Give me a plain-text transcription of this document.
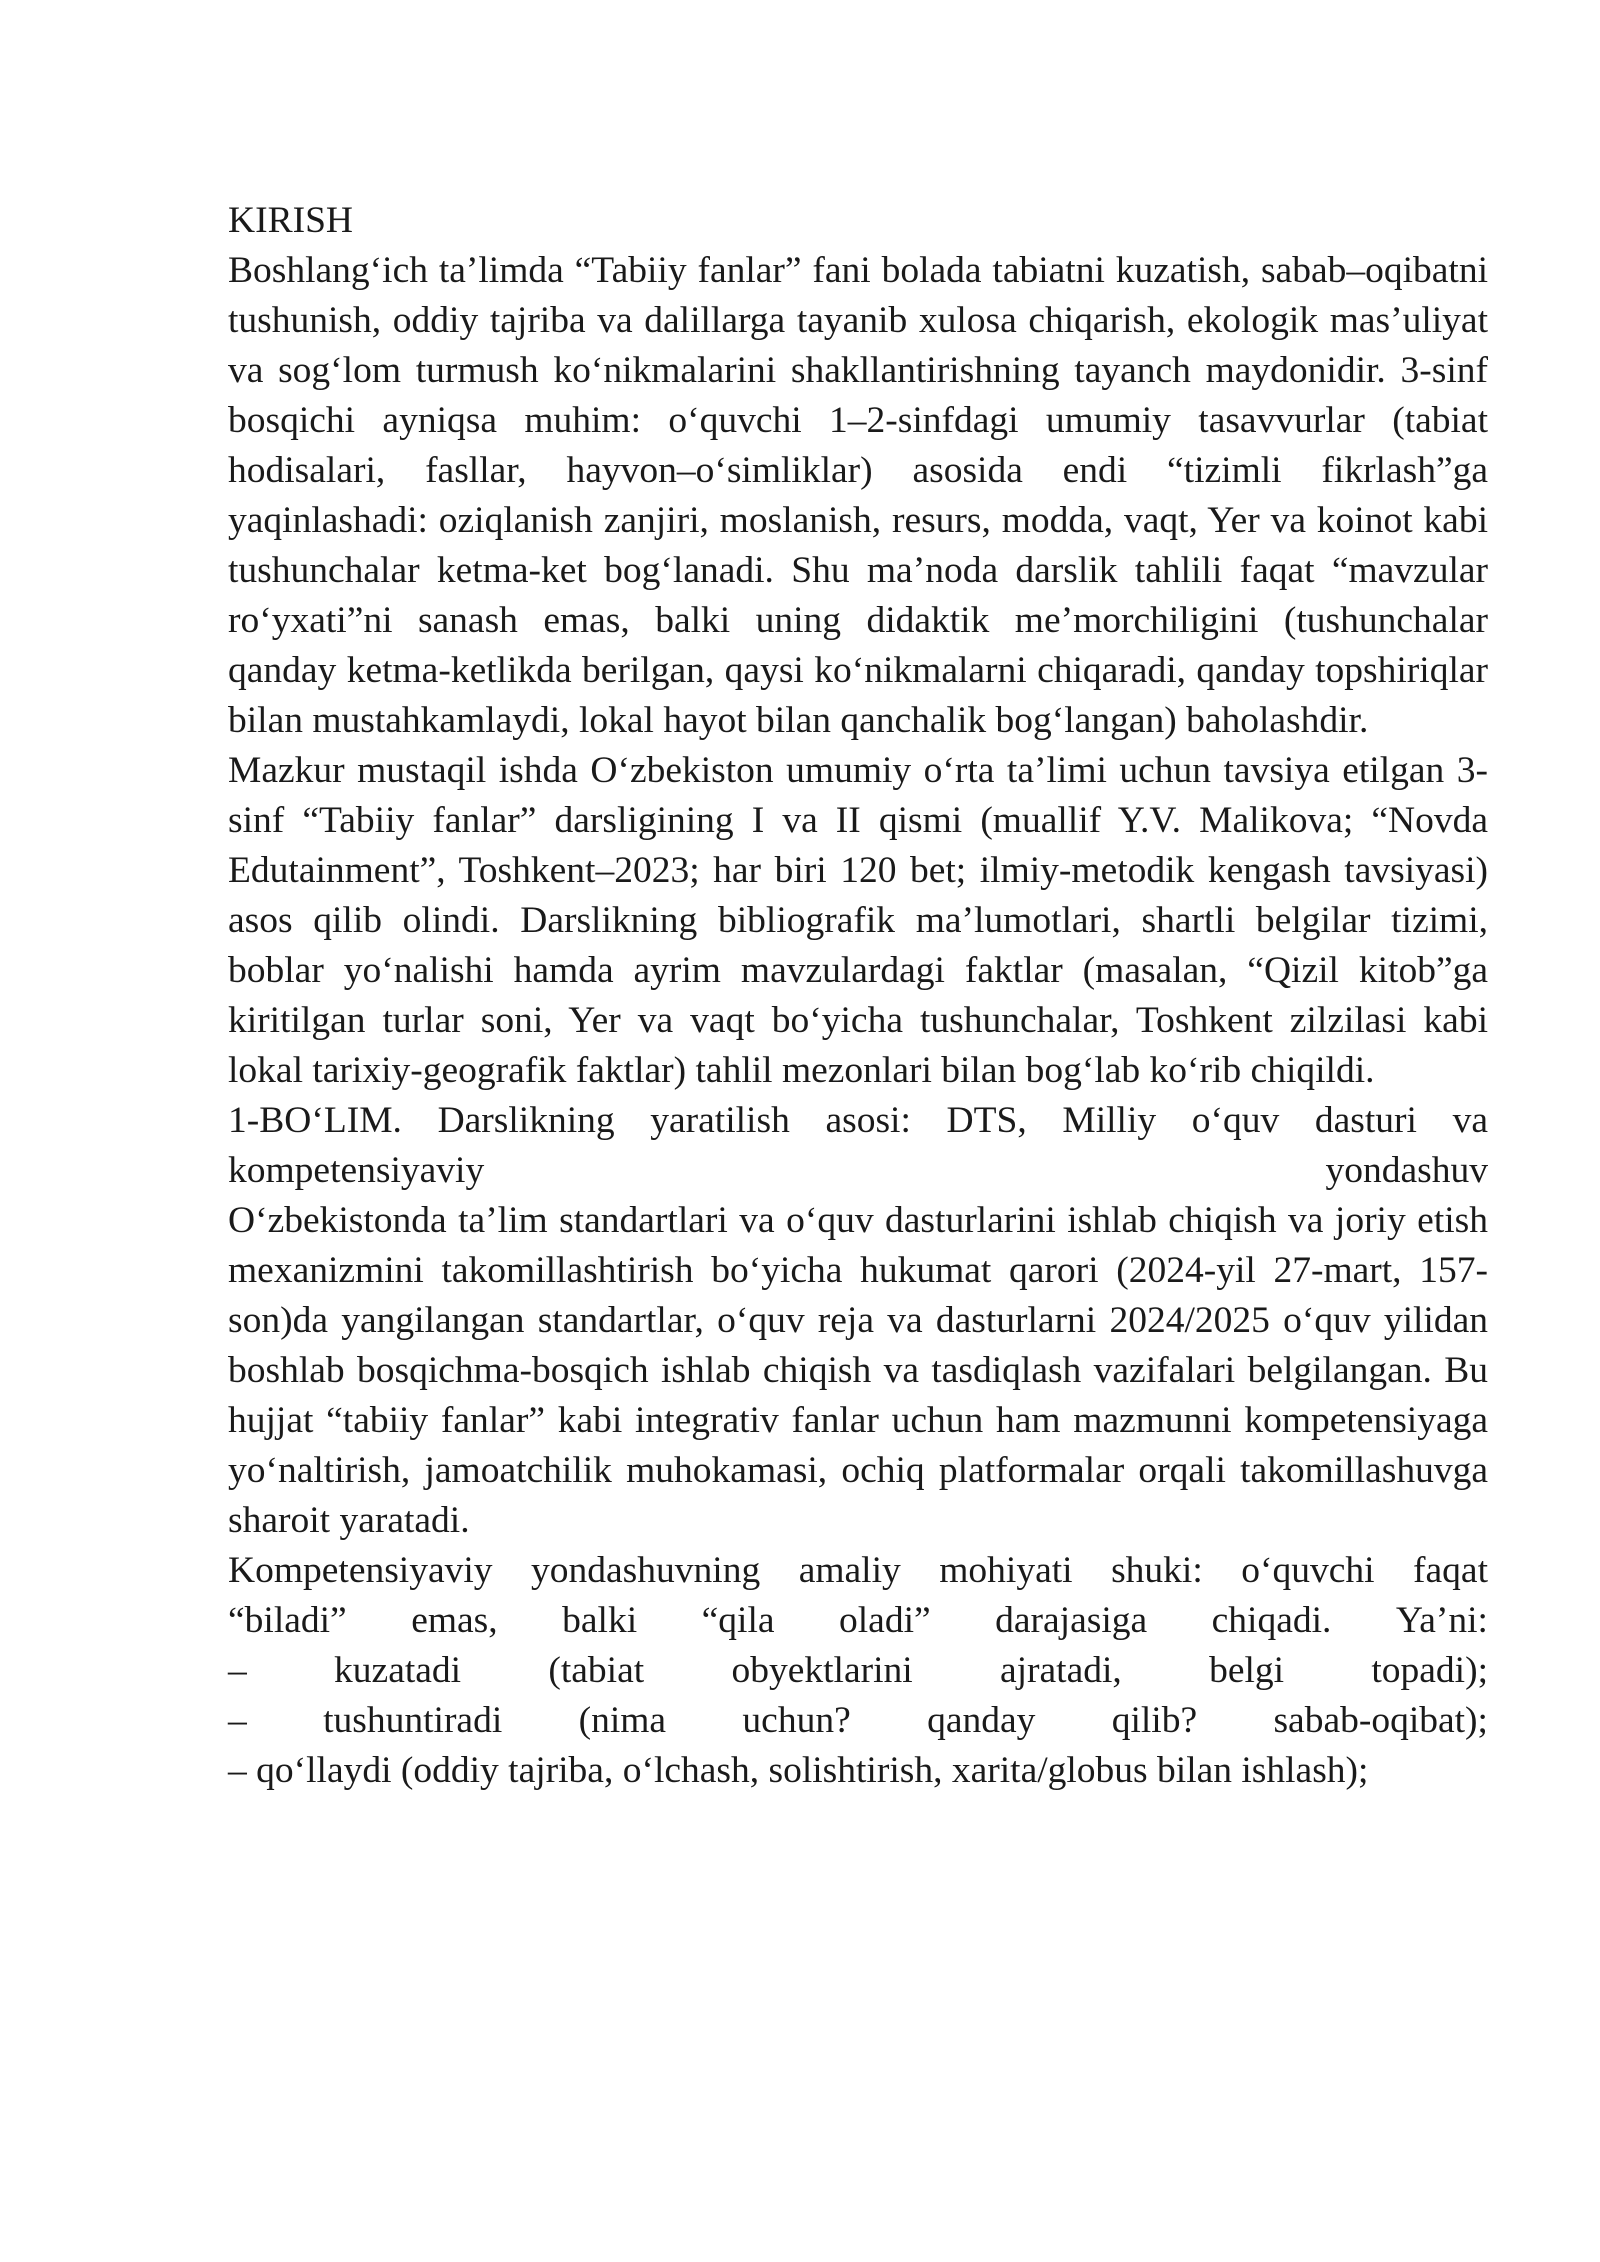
KIRISH

Boshlang‘ich ta’limda “Tabiiy fanlar” fani bolada tabiatni kuzatish, sabab–oqibatni tushunish, oddiy tajriba va dalillarga tayanib xulosa chiqarish, ekologik mas’uliyat va sog‘lom turmush ko‘nikmalarini shakllantirishning tayanch maydonidir. 3-sinf bosqichi ayniqsa muhim: o‘quvchi 1–2-sinfdagi umumiy tasavvurlar (tabiat hodisalari, fasllar, hayvon–o‘simliklar) asosida endi “tizimli fikrlash”ga yaqinlashadi: oziqlanish zanjiri, moslanish, resurs, modda, vaqt, Yer va koinot kabi tushunchalar ketma-ket bog‘lanadi. Shu ma’noda darslik tahlili faqat “mavzular ro‘yxati”ni sanash emas, balki uning didaktik me’morchiligini (tushunchalar qanday ketma-ketlikda berilgan, qaysi ko‘nikmalarni chiqaradi, qanday topshiriqlar bilan mustahkamlaydi, lokal hayot bilan qanchalik bog‘langan) baholashdir.

Mazkur mustaqil ishda O‘zbekiston umumiy o‘rta ta’limi uchun tavsiya etilgan 3-sinf “Tabiiy fanlar” darsligining I va II qismi (muallif Y.V. Malikova; “Novda Edutainment”, Toshkent–2023; har biri 120 bet; ilmiy-metodik kengash tavsiyasi) asos qilib olindi. Darslikning bibliografik ma’lumotlari, shartli belgilar tizimi, boblar yo‘nalishi hamda ayrim mavzulardagi faktlar (masalan, “Qizil kitob”ga kiritilgan turlar soni, Yer va vaqt bo‘yicha tushunchalar, Toshkent zilzilasi kabi lokal tarixiy-geografik faktlar) tahlil mezonlari bilan bog‘lab ko‘rib chiqildi.

1-BO‘LIM. Darslikning yaratilish asosi: DTS, Milliy o‘quv dasturi va

kompetensiyaviy	yondashuv

O‘zbekistonda ta’lim standartlari va o‘quv dasturlarini ishlab chiqish va joriy etish mexanizmini takomillashtirish bo‘yicha hukumat qarori (2024-yil 27-mart, 157-son)da yangilangan standartlar, o‘quv reja va dasturlarni 2024/2025 o‘quv yilidan boshlab bosqichma-bosqich ishlab chiqish va tasdiqlash vazifalari belgilangan. Bu hujjat “tabiiy fanlar” kabi integrativ fanlar uchun ham mazmunni kompetensiyaga yo‘naltirish, jamoatchilik muhokamasi, ochiq platformalar orqali takomillashuvga sharoit yaratadi.

Kompetensiyaviy yondashuvning amaliy mohiyati shuki: o‘quvchi faqat

“biladi” emas, balki “qila oladi” darajasiga chiqadi. Ya’ni:
– kuzatadi (tabiat obyektlarini ajratadi, belgi topadi);
– tushuntiradi (nima uchun? qanday qilib? sabab-oqibat);

– qo‘llaydi (oddiy tajriba, o‘lchash, solishtirish, xarita/globus bilan ishlash);
